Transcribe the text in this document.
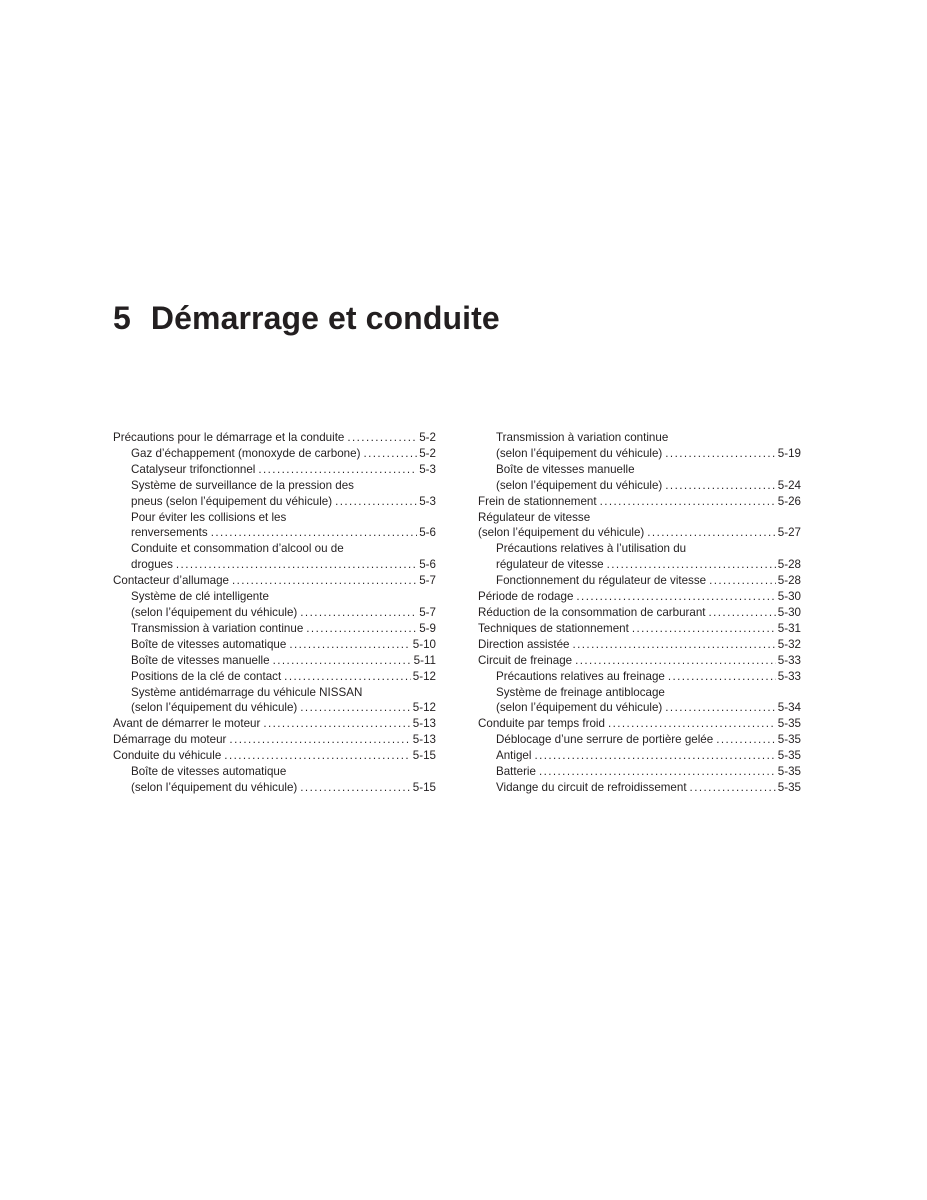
5 Démarrage et conduite
Précautions pour le démarrage et la conduite . . .	5-2
Gaz d’échappement (monoxyde de carbone) . . .	5-2
Catalyseur trifonctionnel . . .	5-3
Système de surveillance de la pression des
pneus (selon l’équipement du véhicule) . . .	5-3
Pour éviter les collisions et les
renversements . . .	5-6
Conduite et consommation d’alcool ou de
drogues . . .	5-6
Contacteur d’allumage . . .	5-7
Système de clé intelligente
(selon l’équipement du véhicule) . . .	5-7
Transmission à variation continue . . .	5-9
Boîte de vitesses automatique . . .	5-10
Boîte de vitesses manuelle . . .	5-11
Positions de la clé de contact . . .	5-12
Système antidémarrage du véhicule NISSAN
(selon l’équipement du véhicule) . . .	5-12
Avant de démarrer le moteur . . .	5-13
Démarrage du moteur . . .	5-13
Conduite du véhicule . . .	5-15
Boîte de vitesses automatique
(selon l’équipement du véhicule) . . .	5-15
Transmission à variation continue
(selon l’équipement du véhicule) . . .	5-19
Boîte de vitesses manuelle
(selon l’équipement du véhicule) . . .	5-24
Frein de stationnement . . .	5-26
Régulateur de vitesse
(selon l’équipement du véhicule) . . .	5-27
Précautions relatives à l’utilisation du
régulateur de vitesse . . .	5-28
Fonctionnement du régulateur de vitesse . . .	5-28
Période de rodage . . .	5-30
Réduction de la consommation de carburant . . .	5-30
Techniques de stationnement . . .	5-31
Direction assistée . . .	5-32
Circuit de freinage . . .	5-33
Précautions relatives au freinage . . .	5-33
Système de freinage antiblocage
(selon l’équipement du véhicule) . . .	5-34
Conduite par temps froid . . .	5-35
Déblocage d’une serrure de portière gelée . . .	5-35
Antigel . . .	5-35
Batterie . . .	5-35
Vidange du circuit de refroidissement . . .	5-35
